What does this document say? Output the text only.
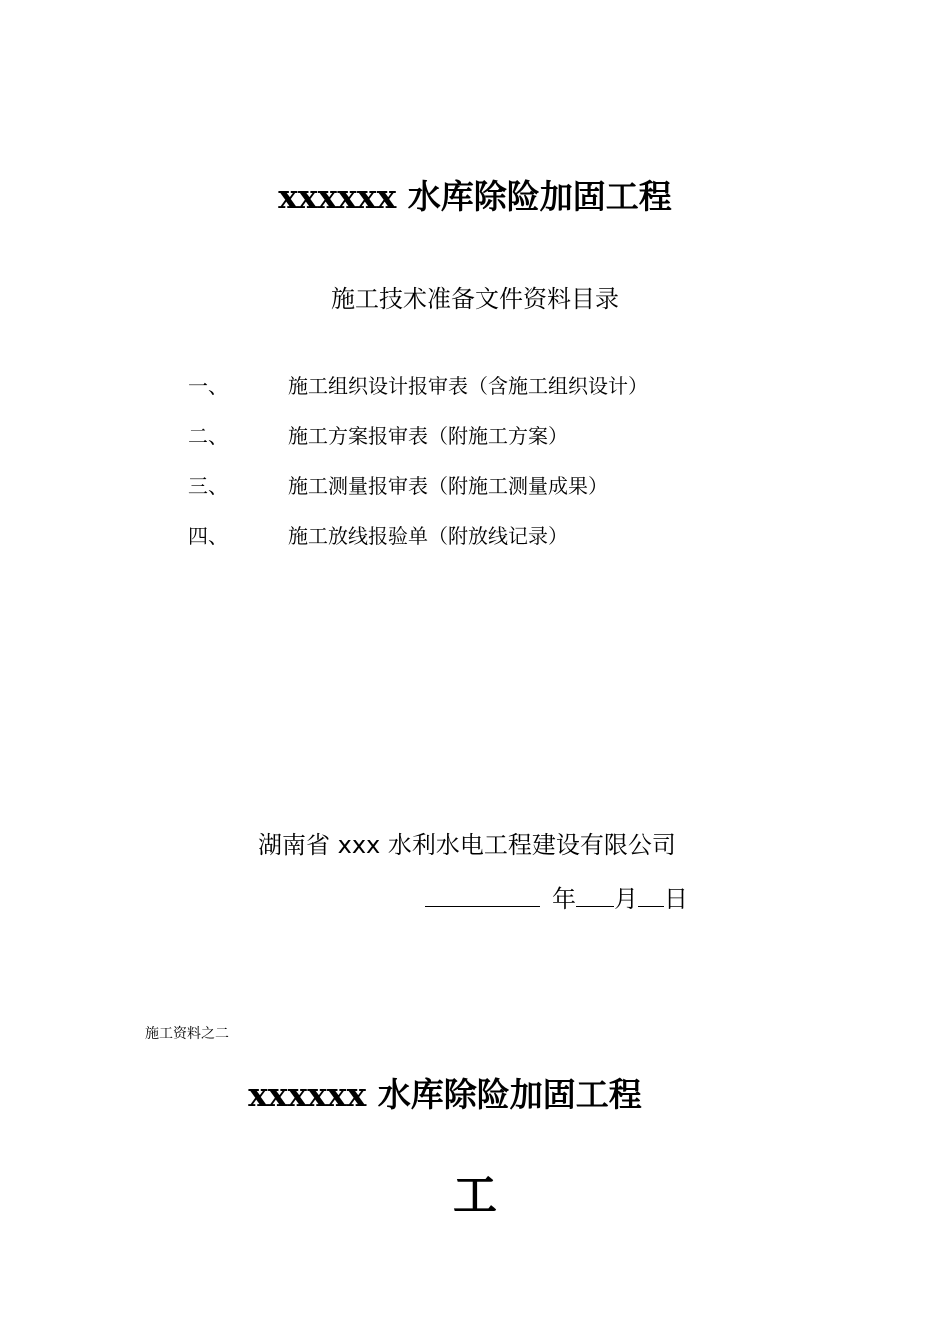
xxxxxx 水库除险加固工程
施工技术准备文件资料目录
一、	施工组织设计报审表（含施工组织设计）
二、	施工方案报审表（附施工方案）
三、	施工测量报审表（附施工测量成果）
四、	施工放线报验单（附放线记录）
湖南省 xxx 水利水电工程建设有限公司
年 月 日
施工资料之二
xxxxxx 水库除险加固工程
工
